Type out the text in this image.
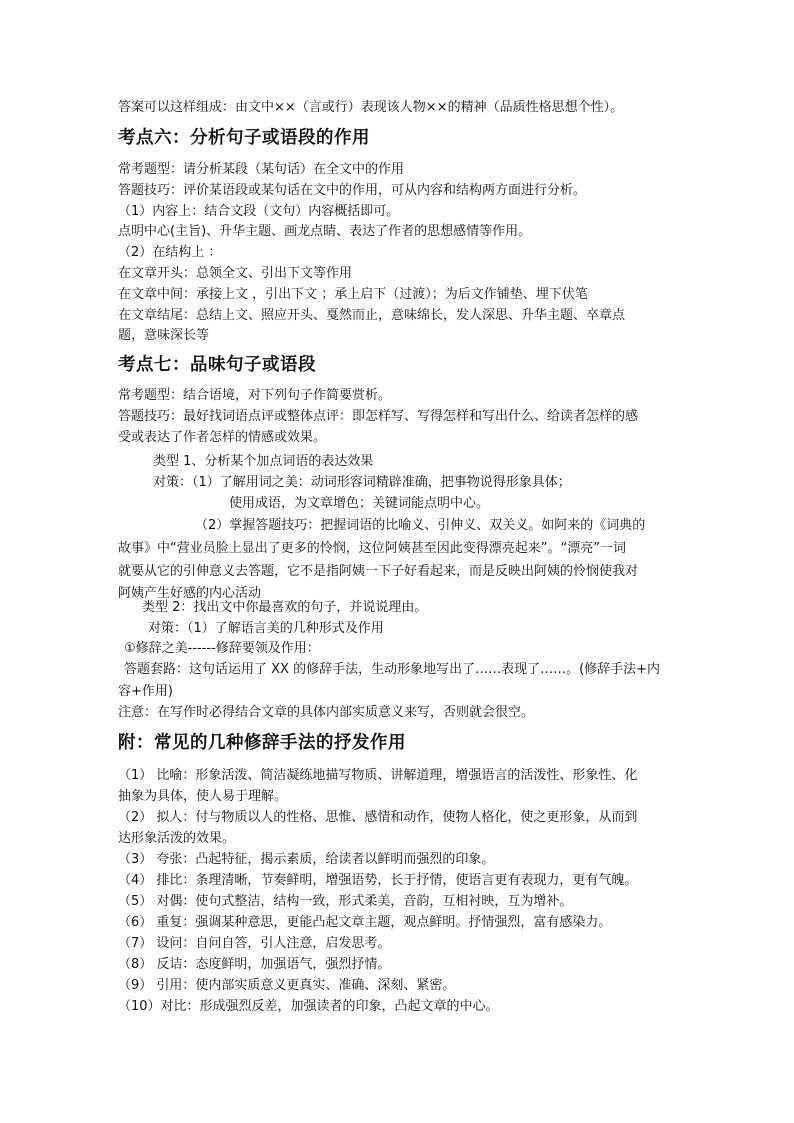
答案可以这样组成：由文中××（言或行）表现该人物××的精神（品质性格思想个性）。
考点六：分析句子或语段的作用
常考题型：请分析某段（某句话）在全文中的作用
答题技巧：评价某语段或某句话在文中的作用，可从内容和结构两方面进行分析。
（1）内容上：结合文段（文句）内容概括即可。
点明中心(主旨)、升华主题、画龙点睛、表达了作者的思想感情等作用。
（2）在结构上 ：
在文章开头：总领全文、引出下文等作用
在文章中间：承接上文 ，引出下文 ；承上启下（过渡）；为后文作铺垫、埋下伏笔
在文章结尾：总结上文、照应开头、戛然而止，意味绵长，发人深思、升华主题、卒章点
题，意味深长等
考点七：品味句子或语段
常考题型：结合语境，对下列句子作简要赏析。
答题技巧：最好找词语点评或整体点评：即怎样写、写得怎样和写出什么、给读者怎样的感
受或表达了作者怎样的情感或效果。
类型 1、分析某个加点词语的表达效果
对策：（1）了解用词之美：动词形容词精辟准确，把事物说得形象具体；
使用成语，为文章增色；关键词能点明中心。
（2）掌握答题技巧：把握词语的比喻义、引伸义、双关义。如阿来的《词典的
故事》中“营业员脸上显出了更多的怜悯，这位阿姨甚至因此变得漂亮起来”。“漂亮”一词
就要从它的引伸意义去答题，它不是指阿姨一下子好看起来，而是反映出阿姨的怜悯使我对
阿姨产生好感的内心活动
类型 2：找出文中你最喜欢的句子，并说说理由。
对策：（1）了解语言美的几种形式及作用
①修辞之美------修辞要领及作用：
答题套路：这句话运用了 XX 的修辞手法，生动形象地写出了……表现了……。(修辞手法+内
容+作用)
注意：在写作时必得结合文章的具体内部实质意义来写，否则就会很空。
附：常见的几种修辞手法的抒发作用
（1） 比喻：形象活泼、简洁凝练地描写物质、讲解道理，增强语言的活泼性、形象性、化
抽象为具体，使人易于理解。
（2） 拟人：付与物质以人的性格、思惟、感情和动作，使物人格化，使之更形象，从而到
达形象活泼的效果。
（3） 夸张：凸起特征，揭示素质，给读者以鲜明而强烈的印象。
（4） 排比：条理清晰，节奏鲜明，增强语势，长于抒情，使语言更有表现力，更有气魄。
（5） 对偶：使句式整洁，结构一致，形式柔美，音韵，互相衬映，互为增补。
（6） 重复：强调某种意思，更能凸起文章主题，观点鲜明。抒情强烈，富有感染力。
（7） 设问：自问自答，引人注意，启发思考。
（8） 反诘：态度鲜明，加强语气，强烈抒情。
（9） 引用：使内部实质意义更真实、准确、深刻、紧密。
（10）对比：形成强烈反差，加强读者的印象，凸起文章的中心。
